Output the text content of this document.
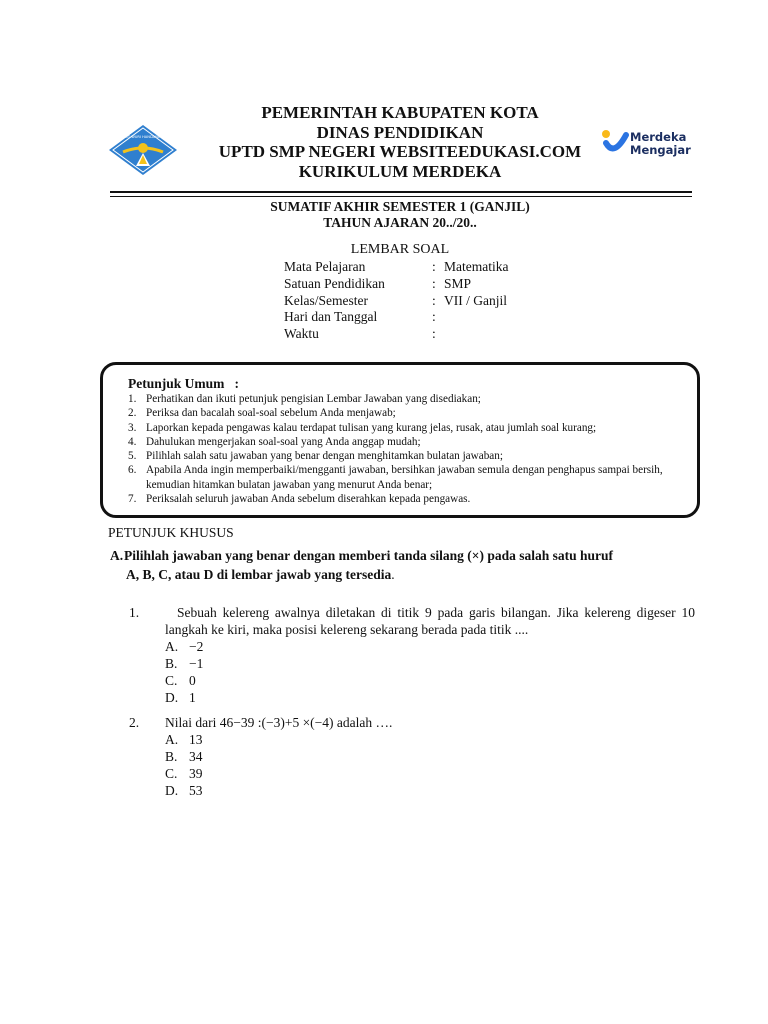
TUT WURI HANDAYANI
PEMERINTAH KABUPATEN KOTA
DINAS PENDIDIKAN
UPTD SMP NEGERI WEBSITEEDUKASI.COM
KURIKULUM MERDEKA
Merdeka
Mengajar
SUMATIF AKHIR SEMESTER 1 (GANJIL)
TAHUN AJARAN 20../20..
LEMBAR SOAL
Mata Pelajaran	: Matematika
Satuan Pendidikan	: SMP
Kelas/Semester	: VII / Ganjil
Hari dan Tanggal	:
Waktu	:
Petunjuk Umum   :
1. Perhatikan dan ikuti petunjuk pengisian Lembar Jawaban yang disediakan;
2. Periksa dan bacalah soal-soal sebelum Anda menjawab;
3. Laporkan kepada pengawas kalau terdapat tulisan yang kurang jelas, rusak, atau jumlah soal kurang;
4. Dahulukan mengerjakan soal-soal yang Anda anggap mudah;
5. Pilihlah salah satu jawaban yang benar dengan menghitamkan bulatan jawaban;
6. Apabila Anda ingin memperbaiki/mengganti jawaban, bersihkan jawaban semula dengan penghapus sampai bersih, kemudian hitamkan bulatan jawaban yang menurut Anda benar;
7. Periksalah seluruh jawaban Anda sebelum diserahkan kepada pengawas.
PETUNJUK KHUSUS
A. Pilihlah jawaban yang benar dengan memberi tanda silang (×) pada salah satu huruf
A, B, C, atau D di lembar jawab yang tersedia.
1.	Sebuah kelereng awalnya diletakan di titik 9 pada garis bilangan. Jika kelereng digeser 10 langkah ke kiri, maka posisi kelereng sekarang berada pada titik ....
A. −2
B. −1
C. 0
D. 1
2.	Nilai dari 46−39 :(−3)+5 ×(−4) adalah ….
A. 13
B. 34
C. 39
D. 53
